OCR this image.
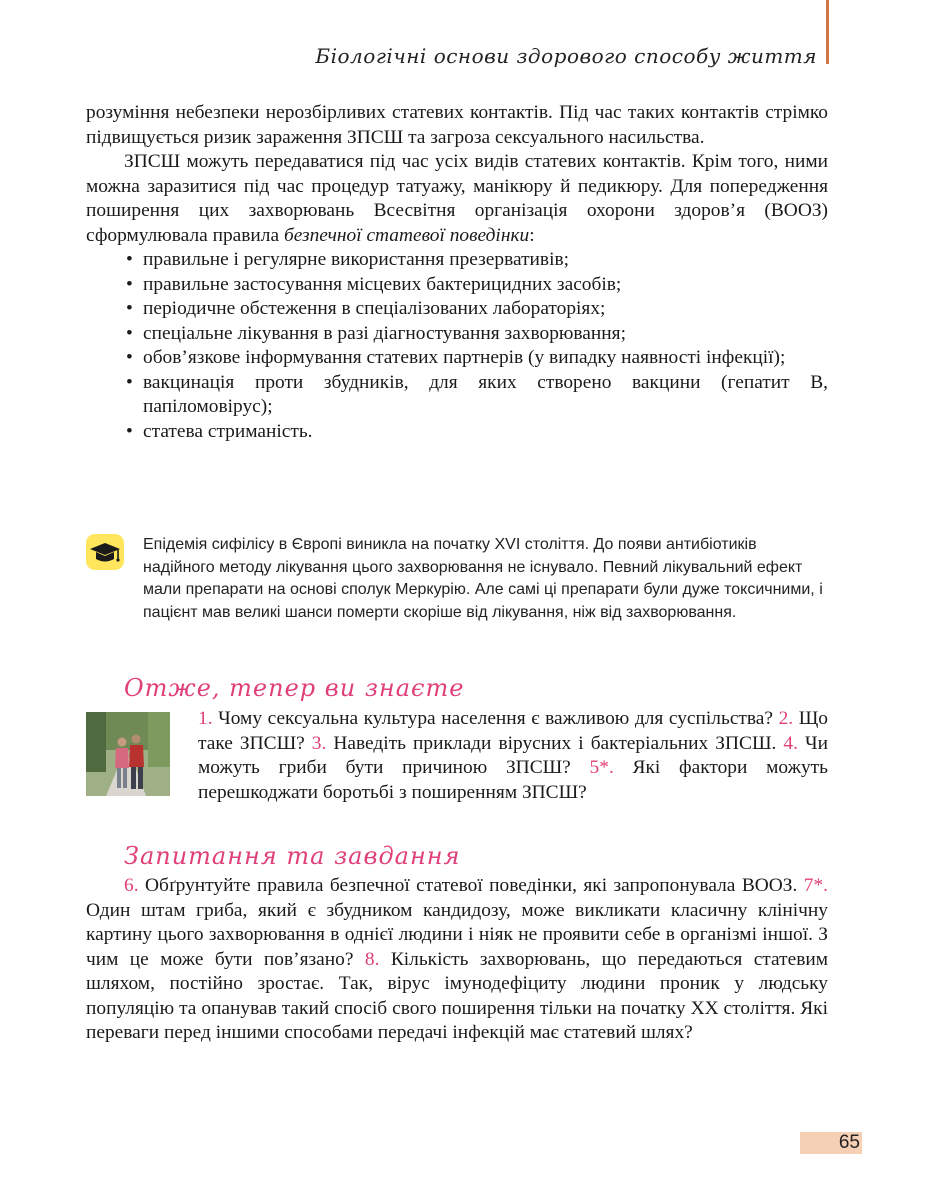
Біологічні основи здорового способу життя

розуміння небезпеки нерозбірливих статевих контактів. Під час таких контактів стрімко підвищується ризик зараження ЗПСШ та загроза сексуального насильства.

ЗПСШ можуть передаватися під час усіх видів статевих контактів. Крім того, ними можна заразитися під час процедур татуажу, манікюру й педикюру. Для попередження поширення цих захворювань Всесвітня організація охорони здоров’я (ВООЗ) сформулювала правила безпечної статевої поведінки:

• правильне і регулярне використання презервативів;
• правильне застосування місцевих бактерицидних засобів;
• періодичне обстеження в спеціалізованих лабораторіях;
• спеціальне лікування в разі діагностування захворювання;
• обов’язкове інформування статевих партнерів (у випадку наявності інфекції);
• вакцинація проти збудників, для яких створено вакцини (гепатит В, папіломовірус);
• статева стриманість.
Епідемія сифілісу в Європі виникла на початку XVI століття. До появи антибіотиків надійного методу лікування цього захворювання не існувало. Певний лікувальний ефект мали препарати на основі сполук Меркурію. Але самі ці препарати були дуже токсичними, і пацієнт мав великі шанси померти скоріше від лікування, ніж від захворювання.
Отже, тепер ви знаєте
1. Чому сексуальна культура населення є важливою для суспільства? 2. Що таке ЗПСШ? 3. Наведіть приклади вірусних і бактеріальних ЗПСШ. 4. Чи можуть гриби бути причиною ЗПСШ? 5*. Які фактори можуть перешкоджати боротьбі з поширенням ЗПСШ?
Запитання та завдання

6. Обґрунтуйте правила безпечної статевої поведінки, які запропонувала ВООЗ. 7*. Один штам гриба, який є збудником кандидозу, може викликати класичну клінічну картину цього захворювання в однієї людини і ніяк не проявити себе в організмі іншої. З чим це може бути пов’язано? 8. Кількість захворювань, що передаються статевим шляхом, постійно зростає. Так, вірус імунодефіциту людини проник у людську популяцію та опанував такий спосіб свого поширення тільки на початку XX століття. Які переваги перед іншими способами передачі інфекцій має статевий шлях?

65
